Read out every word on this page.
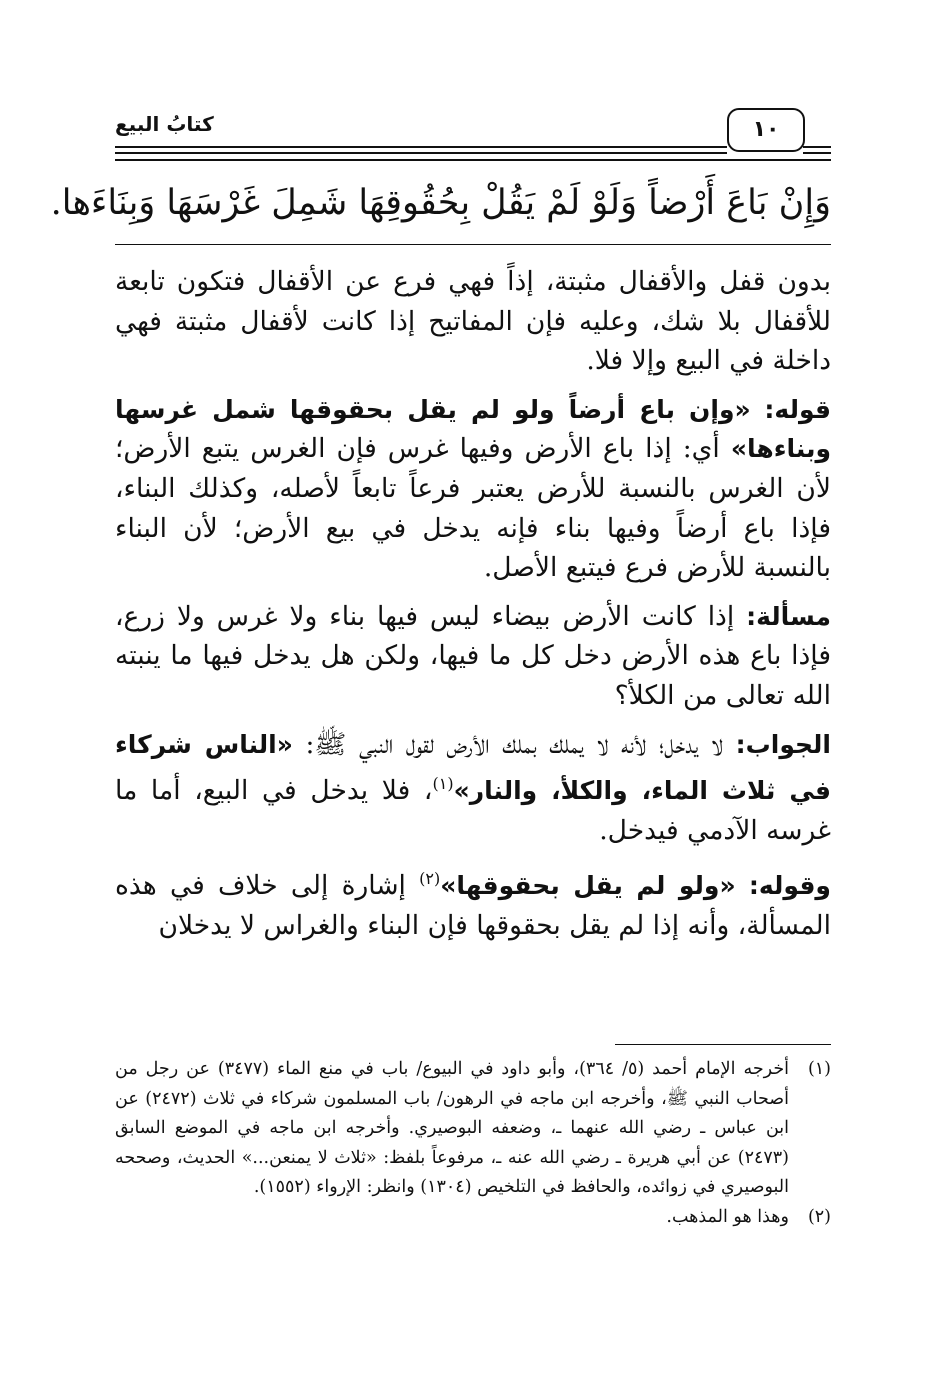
كتابُ البيع	١٠
وَإِنْ بَاعَ أَرْضاً وَلَوْ لَمْ يَقُلْ بِحُقُوقِهَا شَمِلَ غَرْسَهَا وَبِنَاءَها.

بدون قفل والأقفال مثبتة، إذاً فهي فرع عن الأقفال فتكون تابعة للأقفال بلا شك، وعليه فإن المفاتيح إذا كانت لأقفال مثبتة فهي داخلة في البيع وإلا فلا.

قوله: «وإن باع أرضاً ولو لم يقل بحقوقها شمل غرسها وبناءها» أي: إذا باع الأرض وفيها غرس فإن الغرس يتبع الأرض؛ لأن الغرس بالنسبة للأرض يعتبر فرعاً تابعاً لأصله، وكذلك البناء، فإذا باع أرضاً وفيها بناء فإنه يدخل في بيع الأرض؛ لأن البناء بالنسبة للأرض فرع فيتبع الأصل.

مسألة: إذا كانت الأرض بيضاء ليس فيها بناء ولا غرس ولا زرع، فإذا باع هذه الأرض دخل كل ما فيها، ولكن هل يدخل فيها ما ينبته الله تعالى من الكلأ؟

الجواب: لا يدخل؛ لأنه لا يملك بملك الأرض لقول النبي ﷺ: «الناس شركاء في ثلاث الماء، والكلأ، والنار»$^{(١)}$، فلا يدخل في البيع، أما ما غرسه الآدمي فيدخل.

وقوله: «ولو لم يقل بحقوقها»$^{(٢)}$ إشارة إلى خلاف في هذه المسألة، وأنه إذا لم يقل بحقوقها فإن البناء والغراس لا يدخلان

(١)
أخرجه الإمام أحمد (٥/ ٣٦٤)، وأبو داود في البيوع/ باب في منع الماء (٣٤٧٧) عن رجل من أصحاب النبي ﷺ، وأخرجه ابن ماجه في الرهون/ باب المسلمون شركاء في ثلاث (٢٤٧٢) عن ابن عباس ـ رضي الله عنهما ـ، وضعفه البوصيري. وأخرجه ابن ماجه في الموضع السابق (٢٤٧٣) عن أبي هريرة ـ رضي الله عنه ـ، مرفوعاً بلفظ: «ثلاث لا يمنعن...» الحديث، وصححه البوصيري في زوائده، والحافظ في التلخيص (١٣٠٤) وانظر: الإرواء (١٥٥٢).
(٢)
وهذا هو المذهب.
